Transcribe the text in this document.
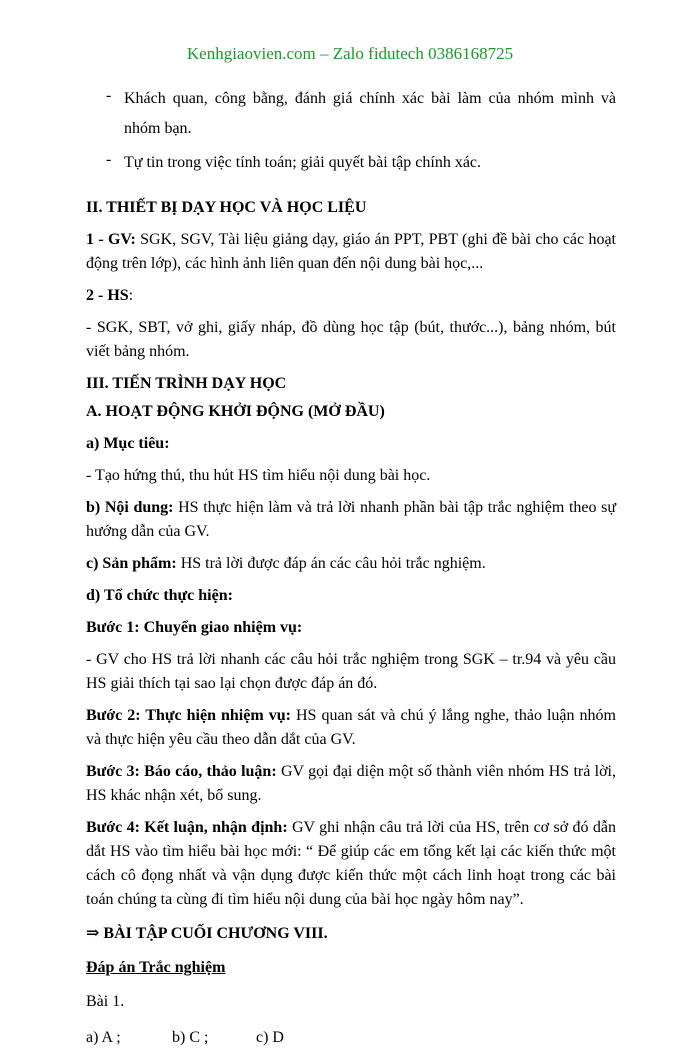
Kenhgiaovien.com – Zalo fidutech 0386168725
- Khách quan, công bằng, đánh giá chính xác bài làm của nhóm mình và nhóm bạn.
- Tự tin trong việc tính toán; giải quyết bài tập chính xác.

II. THIẾT BỊ DẠY HỌC VÀ HỌC LIỆU

1 - GV: SGK, SGV, Tài liệu giảng dạy, giáo án PPT, PBT (ghi đề bài cho các hoạt động trên lớp), các hình ảnh liên quan đến nội dung bài học,...

2 - HS:

- SGK, SBT, vở ghi, giấy nháp, đồ dùng học tập (bút, thước...), bảng nhóm, bút viết bảng nhóm.

III. TIẾN TRÌNH DẠY HỌC

A. HOẠT ĐỘNG KHỞI ĐỘNG (MỞ ĐẦU)

a) Mục tiêu:

- Tạo hứng thú, thu hút HS tìm hiểu nội dung bài học.

b) Nội dung: HS thực hiện làm và trả lời nhanh phần bài tập trắc nghiệm theo sự hướng dẫn của GV.

c) Sản phẩm: HS trả lời được đáp án các câu hỏi trắc nghiệm.

d) Tổ chức thực hiện:

Bước 1: Chuyển giao nhiệm vụ:

- GV cho HS trả lời nhanh các câu hỏi trắc nghiệm trong SGK – tr.94 và yêu cầu HS giải thích tại sao lại chọn được đáp án đó.

Bước 2: Thực hiện nhiệm vụ: HS quan sát và chú ý lắng nghe, thảo luận nhóm và thực hiện yêu cầu theo dẫn dắt của GV.

Bước 3: Báo cáo, thảo luận: GV gọi đại diện một số thành viên nhóm HS trả lời, HS khác nhận xét, bổ sung.

Bước 4: Kết luận, nhận định: GV ghi nhận câu trả lời của HS, trên cơ sở đó dẫn dắt HS vào tìm hiểu bài học mới: “ Để giúp các em tổng kết lại các kiến thức một cách cô đọng nhất và vận dụng được kiến thức một cách linh hoạt trong các bài toán chúng ta cùng đi tìm hiểu nội dung của bài học ngày hôm nay”.

⇒ BÀI TẬP CUỐI CHƯƠNG VIII.

Đáp án Trắc nghiệm

Bài 1.

a) A ;	b) C ;	c) D
